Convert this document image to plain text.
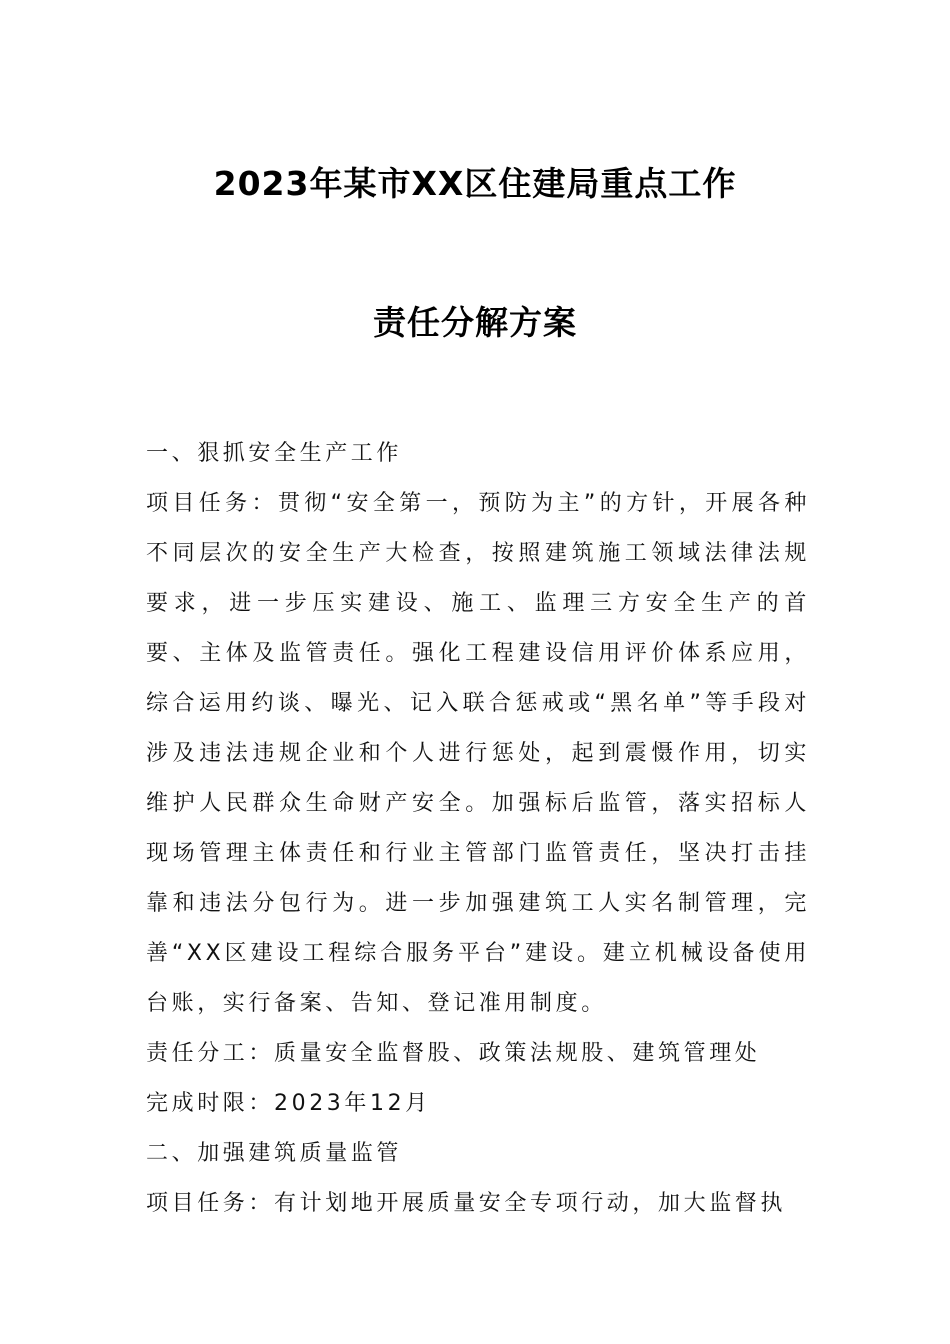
2023年某市XX区住建局重点工作
责任分解方案

一、狠抓安全生产工作

项目任务：贯彻“安全第一，预防为主”的方针，开展各种不同层次的安全生产大检查，按照建筑施工领域法律法规要求，进一步压实建设、施工、监理三方安全生产的首要、主体及监管责任。强化工程建设信用评价体系应用，综合运用约谈、曝光、记入联合惩戒或“黑名单”等手段对涉及违法违规企业和个人进行惩处，起到震慑作用，切实维护人民群众生命财产安全。加强标后监管，落实招标人现场管理主体责任和行业主管部门监管责任，坚决打击挂靠和违法分包行为。进一步加强建筑工人实名制管理，完善“XX区建设工程综合服务平台”建设。建立机械设备使用台账，实行备案、告知、登记准用制度。

责任分工：质量安全监督股、政策法规股、建筑管理处

完成时限：2023年12月

二、加强建筑质量监管

项目任务：有计划地开展质量安全专项行动，加大监督执
